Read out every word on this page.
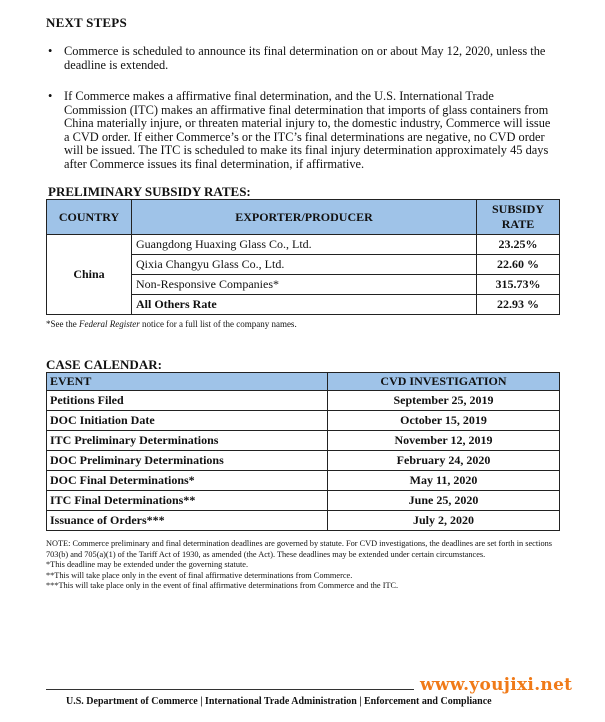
NEXT STEPS
• Commerce is scheduled to announce its final determination on or about May 12, 2020, unless the deadline is extended.
• If Commerce makes a affirmative final determination, and the U.S. International Trade Commission (ITC) makes an affirmative final determination that imports of glass containers from China materially injure, or threaten material injury to, the domestic industry, Commerce will issue a CVD order. If either Commerce’s or the ITC’s final determinations are negative, no CVD order will be issued. The ITC is scheduled to make its final injury determination approximately 45 days after Commerce issues its final determination, if affirmative.
PRELIMINARY SUBSIDY RATES:
COUNTRY	EXPORTER/PRODUCER	SUBSIDY RATE
China	Guangdong Huaxing Glass Co., Ltd.	23.25%
	Qixia Changyu Glass Co., Ltd.	22.60 %
	Non-Responsive Companies*	315.73%
	All Others Rate	22.93 %
*See the Federal Register notice for a full list of the company names.
CASE CALENDAR:
EVENT	CVD INVESTIGATION
Petitions Filed	September 25, 2019
DOC Initiation Date	October 15, 2019
ITC Preliminary Determinations	November 12, 2019
DOC Preliminary Determinations	February 24, 2020
DOC Final Determinations*	May 11, 2020
ITC Final Determinations**	June 25, 2020
Issuance of Orders***	July 2, 2020
NOTE: Commerce preliminary and final determination deadlines are governed by statute. For CVD investigations, the deadlines are set forth in sections 703(b) and 705(a)(1) of the Tariff Act of 1930, as amended (the Act). These deadlines may be extended under certain circumstances.
*This deadline may be extended under the governing statute.
**This will take place only in the event of final affirmative determinations from Commerce.
***This will take place only in the event of final affirmative determinations from Commerce and the ITC.
U.S. Department of Commerce | International Trade Administration | Enforcement and Compliance
www.youjixi.net
